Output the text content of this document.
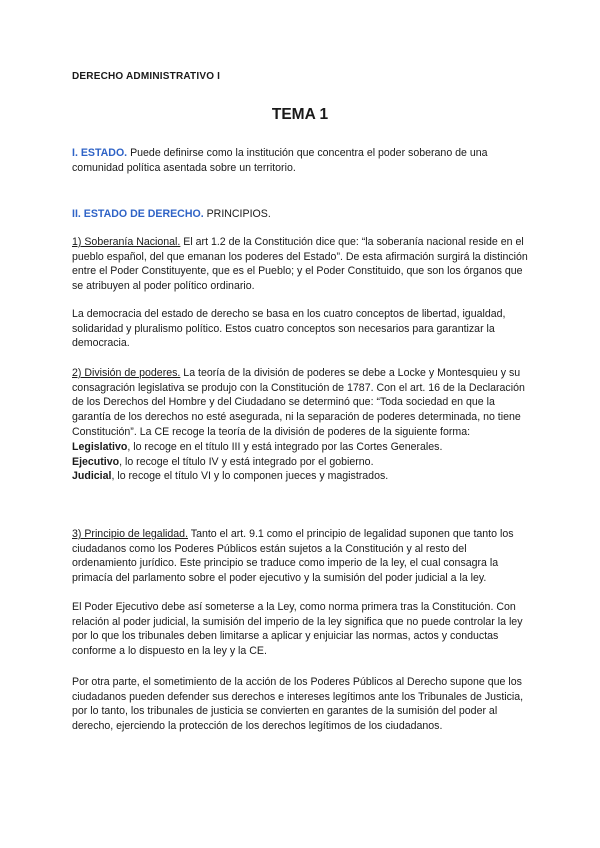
DERECHO ADMINISTRATIVO I
TEMA 1

I. ESTADO. Puede definirse como la institución que concentra el poder soberano de una comunidad política asentada sobre un territorio.

II. ESTADO DE DERECHO. PRINCIPIOS.

1) Soberanía Nacional. El art 1.2 de la Constitución dice que: “la soberanía nacional reside en el pueblo español, del que emanan los poderes del Estado”. De esta afirmación surgirá la distinción entre el Poder Constituyente, que es el Pueblo; y el Poder Constituido, que son los órganos que se atribuyen al poder político ordinario.

La democracia del estado de derecho se basa en los cuatro conceptos de libertad, igualdad, solidaridad y pluralismo político. Estos cuatro conceptos son necesarios para garantizar la democracia.

2) División de poderes. La teoría de la división de poderes se debe a Locke y Montesquieu y su consagración legislativa se produjo con la Constitución de 1787. Con el art. 16 de la Declaración de los Derechos del Hombre y del Ciudadano se determinó que: “Toda sociedad en que la garantía de los derechos no esté asegurada, ni la separación de poderes determinada, no tiene Constitución”. La CE recoge la teoría de la división de poderes de la siguiente forma:

Legislativo, lo recoge en el título III y está integrado por las Cortes Generales.

Ejecutivo, lo recoge el título IV y está integrado por el gobierno.

Judicial, lo recoge el título VI y lo componen jueces y magistrados.

3) Principio de legalidad. Tanto el art. 9.1 como el principio de legalidad suponen que tanto los ciudadanos como los Poderes Públicos están sujetos a la Constitución y al resto del ordenamiento jurídico. Este principio se traduce como imperio de la ley, el cual consagra la primacía del parlamento sobre el poder ejecutivo y la sumisión del poder judicial a la ley.

El Poder Ejecutivo debe así someterse a la Ley, como norma primera tras la Constitución. Con relación al poder judicial, la sumisión del imperio de la ley significa que no puede controlar la ley por lo que los tribunales deben limitarse a aplicar y enjuiciar las normas, actos y conductas conforme a lo dispuesto en la ley y la CE.

Por otra parte, el sometimiento de la acción de los Poderes Públicos al Derecho supone que los ciudadanos pueden defender sus derechos e intereses legítimos ante los Tribunales de Justicia, por lo tanto, los tribunales de justicia se convierten en garantes de la sumisión del poder al derecho, ejerciendo la protección de los derechos legítimos de los ciudadanos.
